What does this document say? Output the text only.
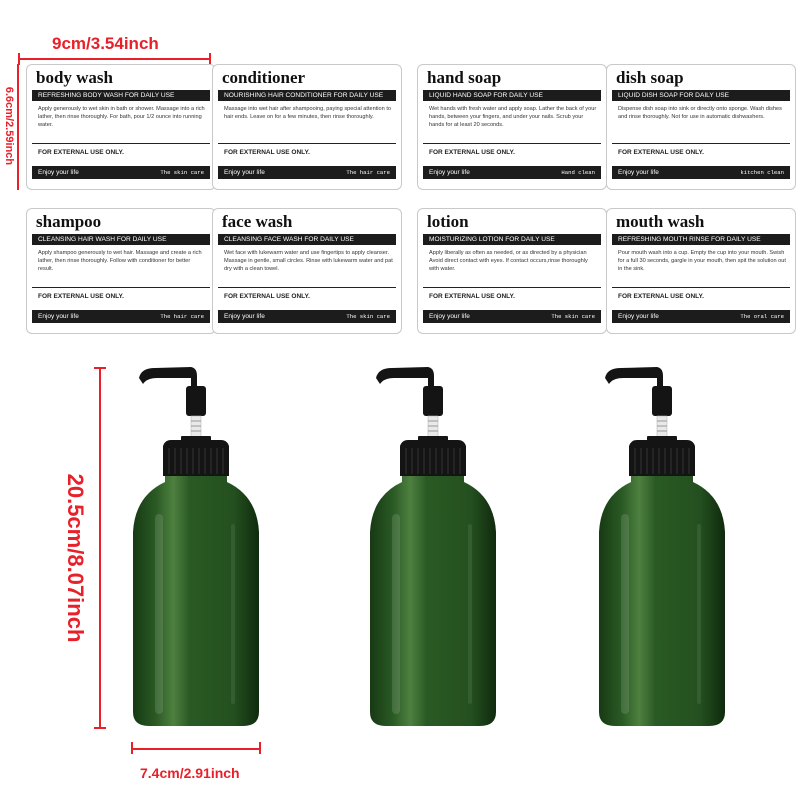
9cm/3.54inch
6.6cm/2.59inch
20.5cm/8.07inch
7.4cm/2.91inch
body wash
REFRESHING BODY WASH FOR DAILY USE
Apply generously to wet skin in bath or shower. Massage into a rich lather, then rinse thoroughly. For bath, pour 1/2 ounce into running water.
FOR EXTERNAL USE ONLY.
Enjoy your life	The skin care
conditioner
NOURISHING HAIR CONDITIONER FOR DAILY USE
Massage into wet hair after shampooing, paying special attention to hair ends. Leave on for a few minutes, then rinse thoroughly.
FOR EXTERNAL USE ONLY.
Enjoy your life	The hair care
hand soap
LIQUID HAND SOAP FOR DAILY USE
Wet hands with fresh water and apply soap. Lather the back of your hands, between your fingers, and under your nails. Scrub your hands for at least 20 seconds.
FOR EXTERNAL USE ONLY.
Enjoy your life	Hand clean
dish soap
LIQUID DISH SOAP FOR DAILY USE
Dispense dish soap into sink or directly onto sponge. Wash dishes and rinse thoroughly. Not for use in automatic dishwashers.
FOR EXTERNAL USE ONLY.
Enjoy your life	kitchen clean
shampoo
CLEANSING HAIR WASH FOR DAILY USE
Apply shampoo generously to wet hair. Massage and create a rich lather, then rinse thoroughly. Follow with conditioner for better result.
FOR EXTERNAL USE ONLY.
Enjoy your life	The hair care
face wash
CLEANSING FACE WASH FOR DAILY USE
Wet face with lukewarm water and use fingertips to apply cleanser. Massage in gentle, small circles. Rinse with lukewarm water and pat dry with a clean towel.
FOR EXTERNAL USE ONLY.
Enjoy your life	The skin care
lotion
MOISTURIZING LOTION FOR DAILY USE
Apply liberally as often as needed, or as directed by a physician Avoid direct contact with eyes. If contact occurs,rinse thoroughly with water.
FOR EXTERNAL USE ONLY.
Enjoy your life	The skin care
mouth wash
REFRESHING MOUTH RINSE FOR DAILY USE
Pour mouth wash into a cup. Empty the cup into your mouth. Swish for a full 30 seconds, gargle in your mouth, then spit the solution out in the sink.
FOR EXTERNAL USE ONLY.
Enjoy your life	The oral care
